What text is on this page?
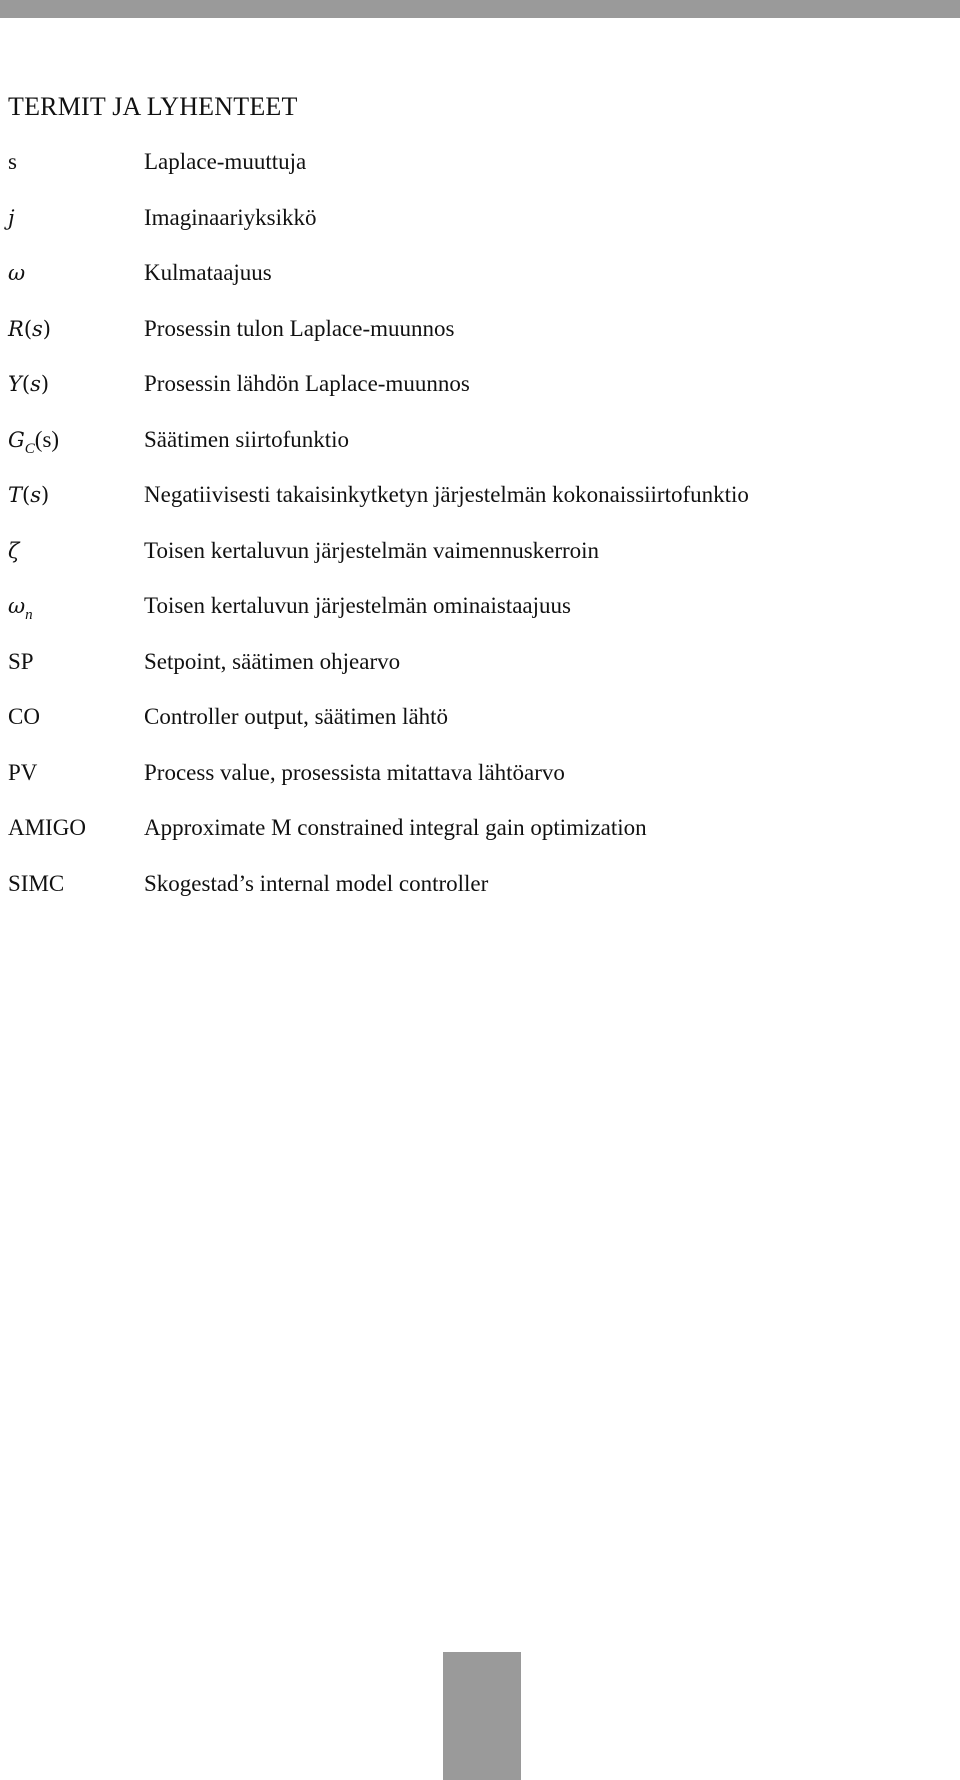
TERMIT JA LYHENTEET
s	Laplace-muuttuja
j	Imaginaariyksikkö
ω	Kulmataajuus
R(s)	Prosessin tulon Laplace-muunnos
Y(s)	Prosessin lähdön Laplace-muunnos
$G_C(s)$	Säätimen siirtofunktio
T(s)	Negatiivisesti takaisinkytketyn järjestelmän kokonaissiirtofunktio
ζ	Toisen kertaluvun järjestelmän vaimennuskerroin
$\omega_n$	Toisen kertaluvun järjestelmän ominaistaajuus
SP	Setpoint, säätimen ohjearvo
CO	Controller output, säätimen lähtö
PV	Process value, prosessista mitattava lähtöarvo
AMIGO	Approximate M constrained integral gain optimization
SIMC	Skogestad’s internal model controller
